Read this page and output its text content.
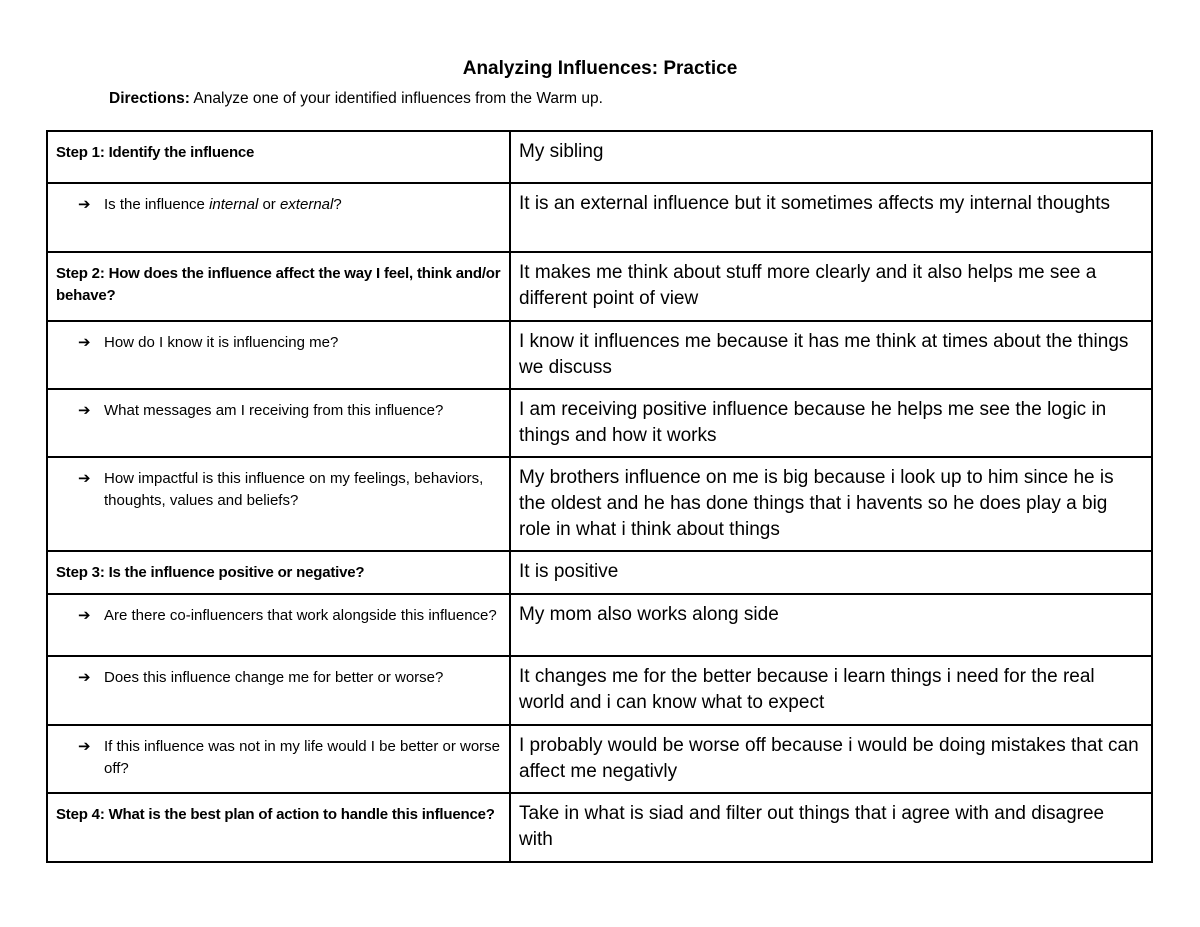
Analyzing Influences: Practice
Directions: Analyze one of your identified influences from the Warm up.
Step 1: Identify the influence	My sibling

➔ Is the influence internal or external?	It is an external influence but it sometimes affects my internal thoughts

Step 2: How does the influence affect the way I feel, think and/or behave?	It makes me think about stuff more clearly and it also helps me see a different point of view

➔ How do I know it is influencing me?	I know it influences me because it has me think at times about the things we discuss

➔ What messages am I receiving from this influence?	I am receiving positive influence because he helps me see the logic in things and how it works

➔ How impactful is this influence on my feelings, behaviors, thoughts, values and beliefs?	My brothers influence on me is big because i look up to him since he is the oldest and he has done things that i havents so he does play a big role in what i think about things

Step 3: Is the influence positive or negative?	It is positive

➔ Are there co-influencers that work alongside this influence?	My mom also works along side

➔ Does this influence change me for better or worse?	It changes me for the better because i learn things i need for the real world and i can know what to expect

➔ If this influence was not in my life would I be better or worse off?	I probably would be worse off because i would be doing mistakes that can affect me negativly

Step 4: What is the best plan of action to handle this influence?	Take in what is siad and filter out things that i agree with and disagree with
